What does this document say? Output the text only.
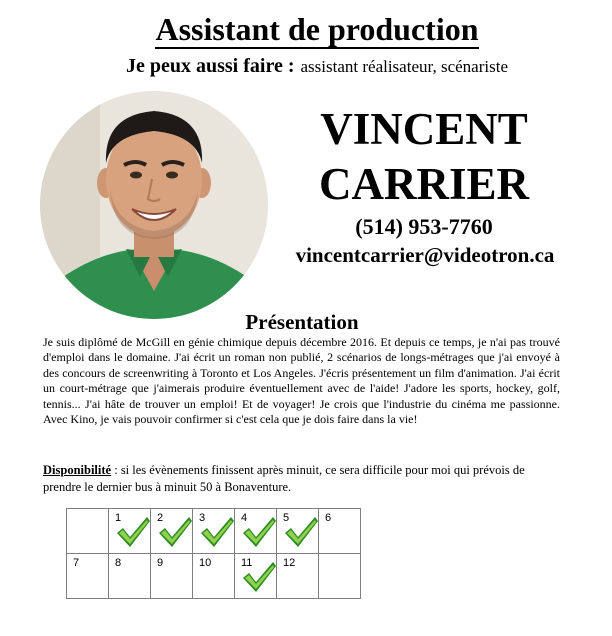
Assistant de production
Je peux aussi faire : assistant réalisateur, scénariste
VINCENT
CARRIER
(514) 953-7760
vincentcarrier@videotron.ca
Présentation
Je suis diplômé de McGill en génie chimique depuis décembre 2016. Et depuis ce temps, je n'ai pas trouvé d'emploi dans le domaine. J'ai écrit un roman non publié, 2 scénarios de longs-métrages que j'ai envoyé à des concours de screenwriting à Toronto et Los Angeles. J'écris présentement un film d'animation. J'ai écrit un court-métrage que j'aimerais produire éventuellement avec de l'aide! J'adore les sports, hockey, golf, tennis... J'ai hâte de trouver un emploi! Et de voyager! Je crois que l'industrie du cinéma me passionne. Avec Kino, je vais pouvoir confirmer si c'est cela que je dois faire dans la vie!
Disponibilité : si les évènements finissent après minuit, ce sera difficile pour moi qui prévois de prendre le dernier bus à minuit 50 à Bonaventure.

	1	2	3	4	5	6

7	8	9	10	11	12	
